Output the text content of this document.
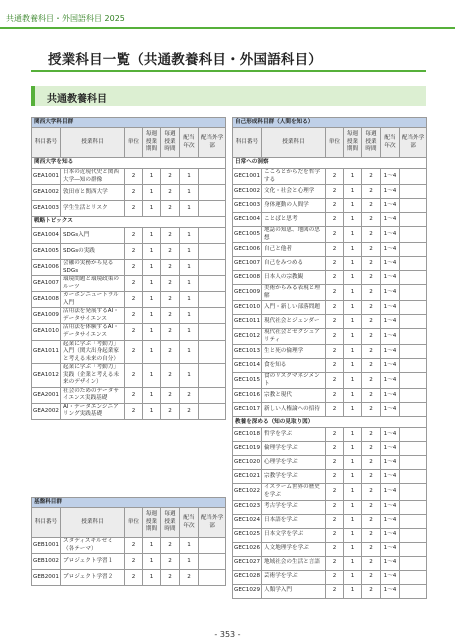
共通教養科目・外国語科目 2025
授業科目一覧（共通教養科目・外国語科目）
共通教養科目
関西大学科目群						
科目番号	授業科目	単位	毎週授業期間	毎週授業時間	配当年次	配当外学部
関西大学を知る						
GEA1001	日本の近現代史と関西大学―知の群像	2	1	2	1	
GEA1002	敦田市と関西大学	2	1	2	1	
GEA1003	学生生活とリスク	2	1	2	1	
戦略トピックス						
GEA1004	SDGs入門	2	1	2	1	
GEA1005	SDGsの実践	2	1	2	1	
GEA1006	会融の実務から見るSDGs	2	1	2	1	
GEA1007	環境問題と環境政策のルーツ	2	1	2	1	
GEA1008	カーボンニュートラル入門	2	1	2	1	
GEA1009	活用法を発展するAI・データサイエンス	2	1	2	1	
GEA1010	活用法を体験するAI・データサイエンス	2	1	2	1	
GEA1011	起業に学ぶ「考動力」入門（関大出身起業家と考える未来の自分）	2	1	2	1	
GEA1012	起業に学ぶ「考動力」実践（企業と考える未来のデザイン）	2	1	2	1	
GEA2001	社会のためのデータサイエンス実践基礎	2	1	2	2	
GEA2002	AI・データエンジニアリング実践基礎	2	1	2	2	
基盤科目群						
科目番号	授業科目	単位	毎週授業期間	毎週授業時間	配当年次	配当外学部
GEB1001	スタディスキルゼミ（各テーマ）	2	1	2	1	
GEB1002	プロジェクト学習１	2	1	2	1	
GEB2001	プロジェクト学習２	2	1	2	2	
自己形成科目群（人間を知る）						
科目番号	授業科目	単位	毎週授業期間	毎週授業時間	配当年次	配当外学部
日常への洞察						
GEC1001	こころとからだを哲学する	2	1	2	1～4	
GEC1002	文化・社会と心理学	2	1	2	1～4	
GEC1003	身体運動の人間学	2	1	2	1～4	
GEC1004	ことばと思考	2	1	2	1～4	
GEC1005	地誌の知恵、地図の思想	2	1	2	1～4	
GEC1006	自己と他者	2	1	2	1～4	
GEC1007	自己をみつめる	2	1	2	1～4	
GEC1008	日本人の宗教観	2	1	2	1～4	
GEC1009	美術からみる表現と理解	2	1	2	1～4	
GEC1010	入門・新しい部落問題	2	1	2	1～4	
GEC1011	現代社会とジェンダー	2	1	2	1～4	
GEC1012	現代社会とセクシュアリティ	2	1	2	1～4	
GEC1013	生と死の倫理学	2	1	2	1～4	
GEC1014	食を知る	2	1	2	1～4	
GEC1015	食のリスクマネジメント	2	1	2	1～4	
GEC1016	宗教と現代	2	1	2	1～4	
GEC1017	新しい人権論への招待	2	1	2	1～4	
教養を深める（知の見取り図）						
GEC1018	哲学を学ぶ	2	1	2	1～4	
GEC1019	倫理学を学ぶ	2	1	2	1～4	
GEC1020	心理学を学ぶ	2	1	2	1～4	
GEC1021	宗教学を学ぶ	2	1	2	1～4	
GEC1022	イスラーム世界の歴史を学ぶ	2	1	2	1～4	
GEC1023	考古学を学ぶ	2	1	2	1～4	
GEC1024	日本語を学ぶ	2	1	2	1～4	
GEC1025	日本文学を学ぶ	2	1	2	1～4	
GEC1026	人文地理学を学ぶ	2	1	2	1～4	
GEC1027	地域社会の生活と言語	2	1	2	1～4	
GEC1028	芸術学を学ぶ	2	1	2	1～4	
GEC1029	人類学入門	2	1	2	1～4	
- 353 -
